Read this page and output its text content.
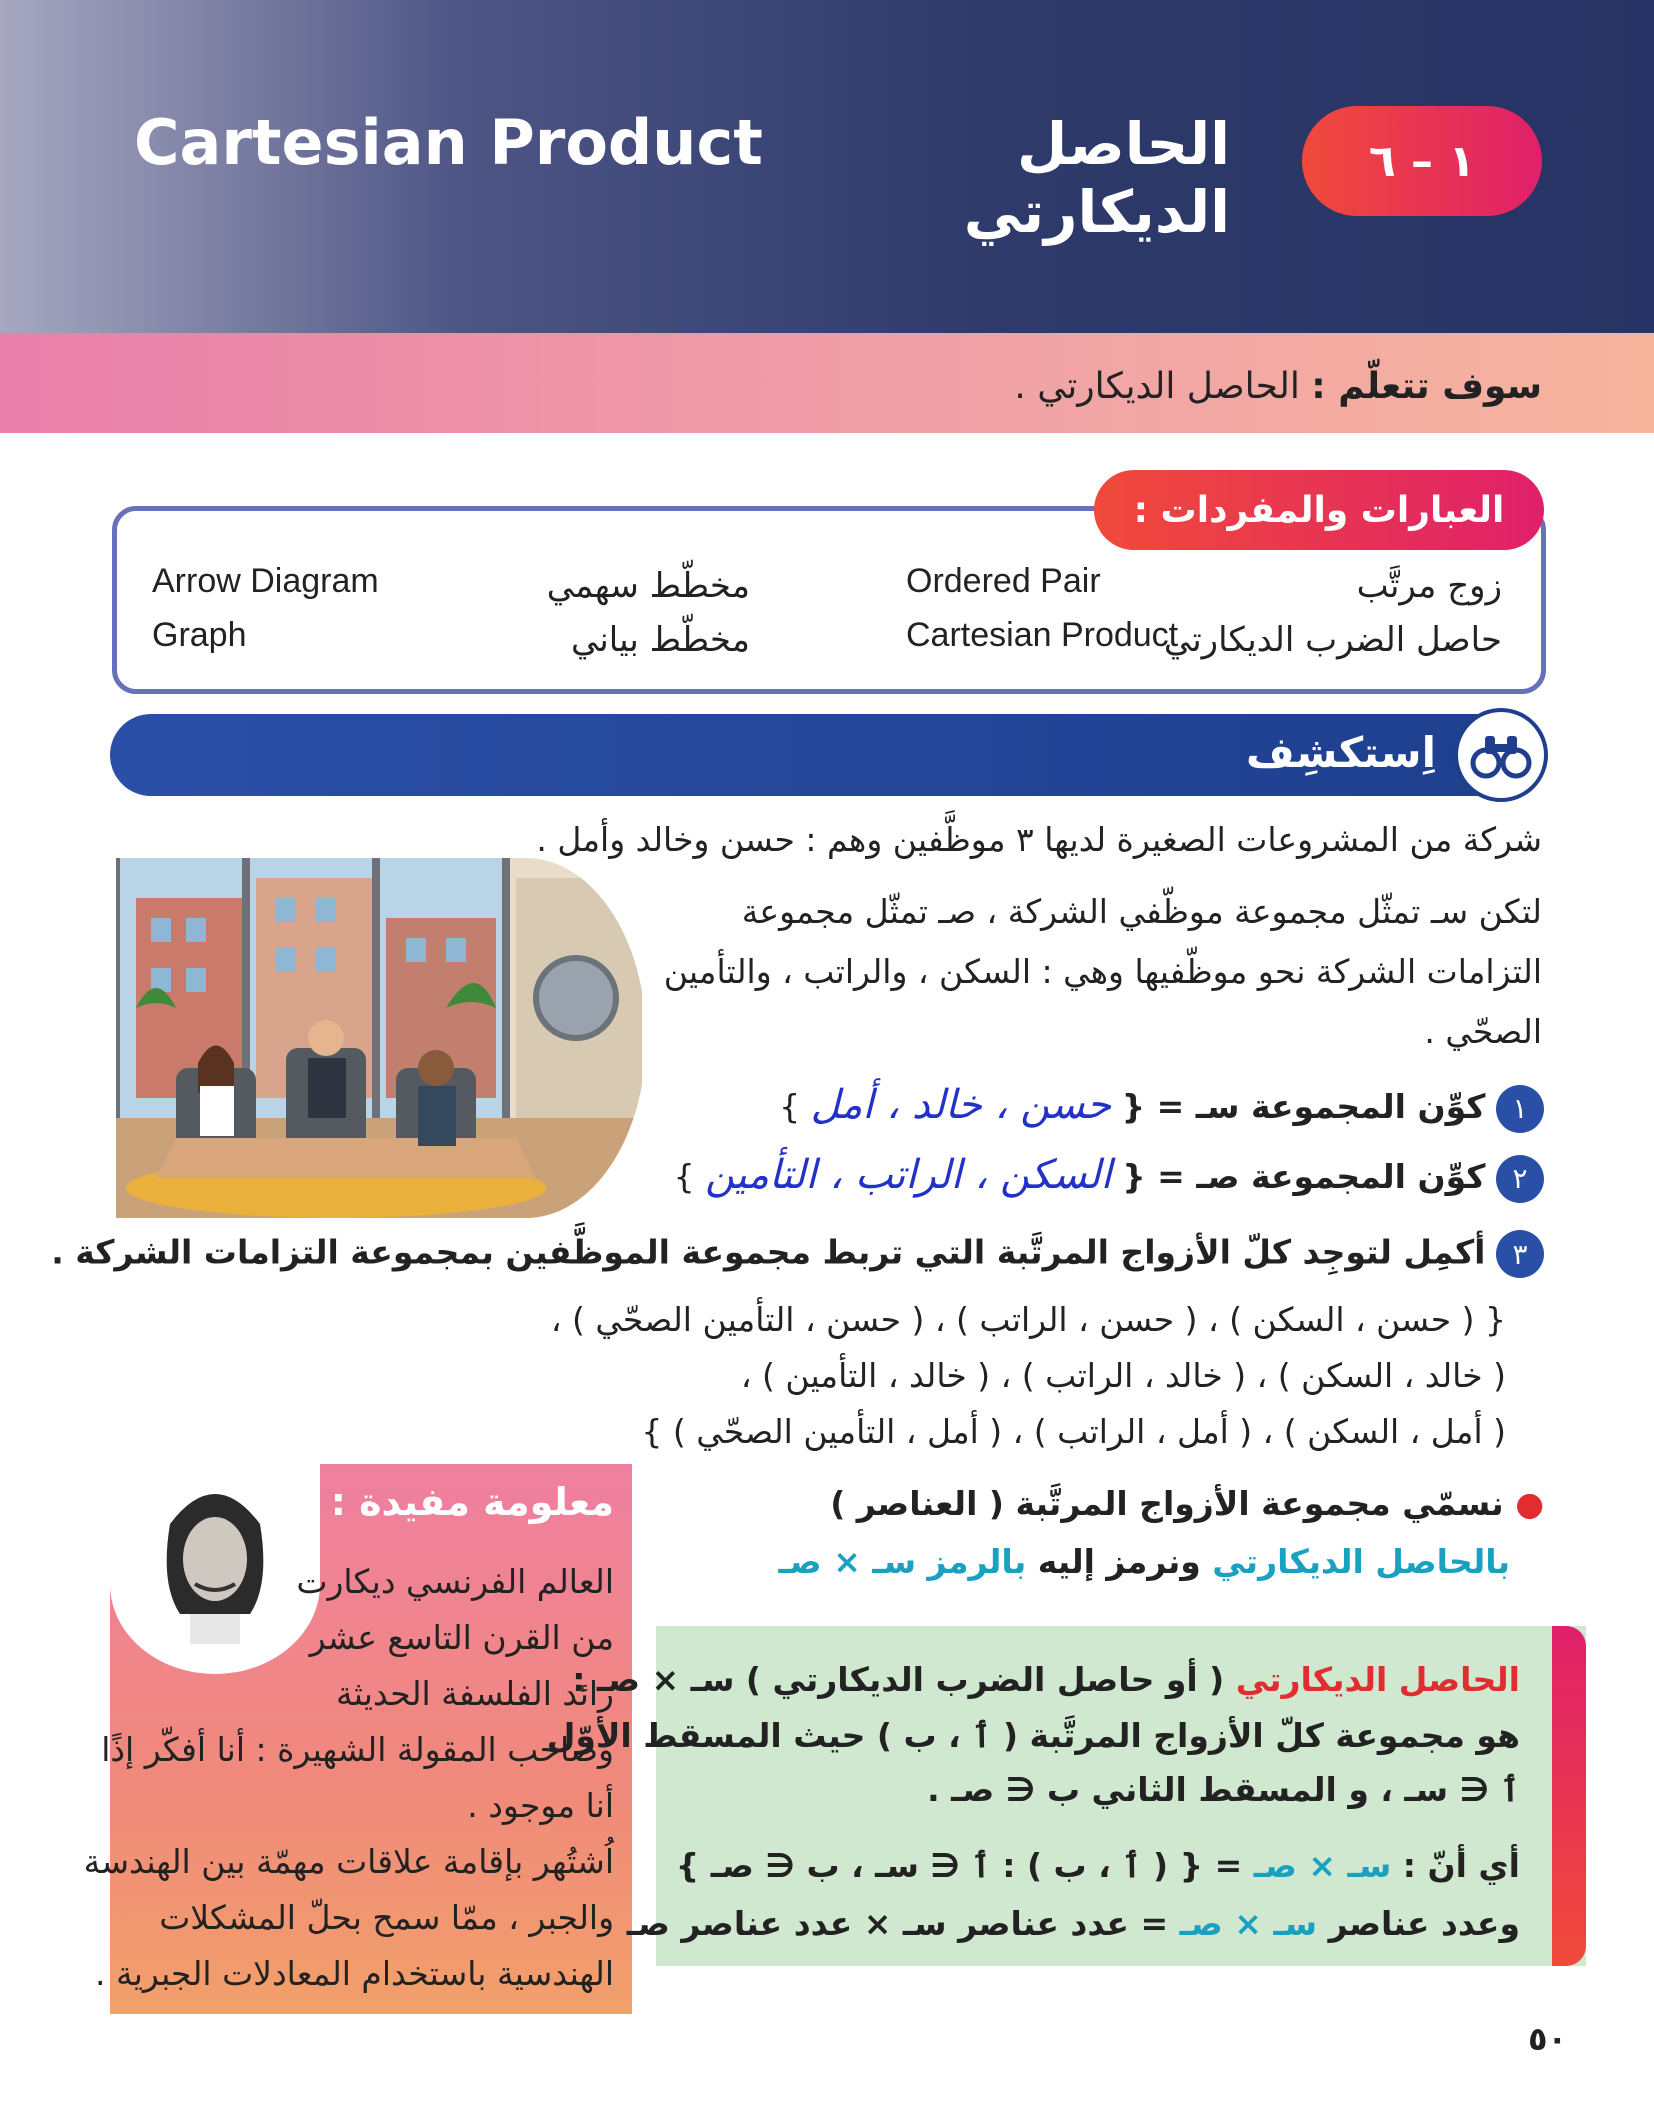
Cartesian Product	الحاصل الديكارتي
١ – ٦
سوف تتعلّم : الحاصل الديكارتي .
العبارات والمفردات :
زوج مرتَّب
Ordered Pair
حاصل الضرب الديكارتي
Cartesian Product
مخطّط سهمي
Arrow Diagram
مخطّط بياني
Graph
اِستكشِف
شركة من المشروعات الصغيرة لديها ٣ موظَّفين وهم : حسن وخالد وأمل .
لتكن سـ تمثّل مجموعة موظّفي الشركة ، صـ تمثّل مجموعة
التزامات الشركة نحو موظّفيها وهي : السكن ، والراتب ، والتأمين
الصحّي .
١ كوِّن المجموعة سـ = { حسن ، خالد ، أمل }
٢ كوِّن المجموعة صـ = { السكن ، الراتب ، التأمين }
٣ أكمِل لتوجِد كلّ الأزواج المرتَّبة التي تربط مجموعة الموظَّفين بمجموعة التزامات الشركة .
{ ( حسن ، السكن ) ، ( حسن ، الراتب ) ، ( حسن ، التأمين الصحّي ) ،
( خالد ، السكن ) ، ( خالد ، الراتب ) ، ( خالد ، التأمين ) ،
( أمل ، السكن ) ، ( أمل ، الراتب ) ، ( أمل ، التأمين الصحّي ) }
● نسمّي مجموعة الأزواج المرتَّبة ( العناصر )
بالحاصل الديكارتي ونرمز إليه بالرمز سـ × صـ
معلومة مفيدة :
العالم الفرنسي ديكارت
من القرن التاسع عشر
رائد الفلسفة الحديثة
وصاحب المقولة الشهيرة : أنا أفكّر إذًا
أنا موجود .
اُشتُهر بإقامة علاقات مهمّة بين الهندسة
والجبر ، ممّا سمح بحلّ المشكلات
الهندسية باستخدام المعادلات الجبرية .
الحاصل الديكارتي ( أو حاصل الضرب الديكارتي ) سـ × صـ :
هو مجموعة كلّ الأزواج المرتَّبة ( ٲ ، ب ) حيث المسقط الأوّل
ٲ ∈ سـ ، و المسقط الثاني ب ∈ صـ .
أي أنّ : سـ × صـ = { ( ٲ ، ب ) : ٲ ∈ سـ ، ب ∈ صـ }
وعدد عناصر سـ × صـ = عدد عناصر سـ × عدد عناصر صـ
٥٠
